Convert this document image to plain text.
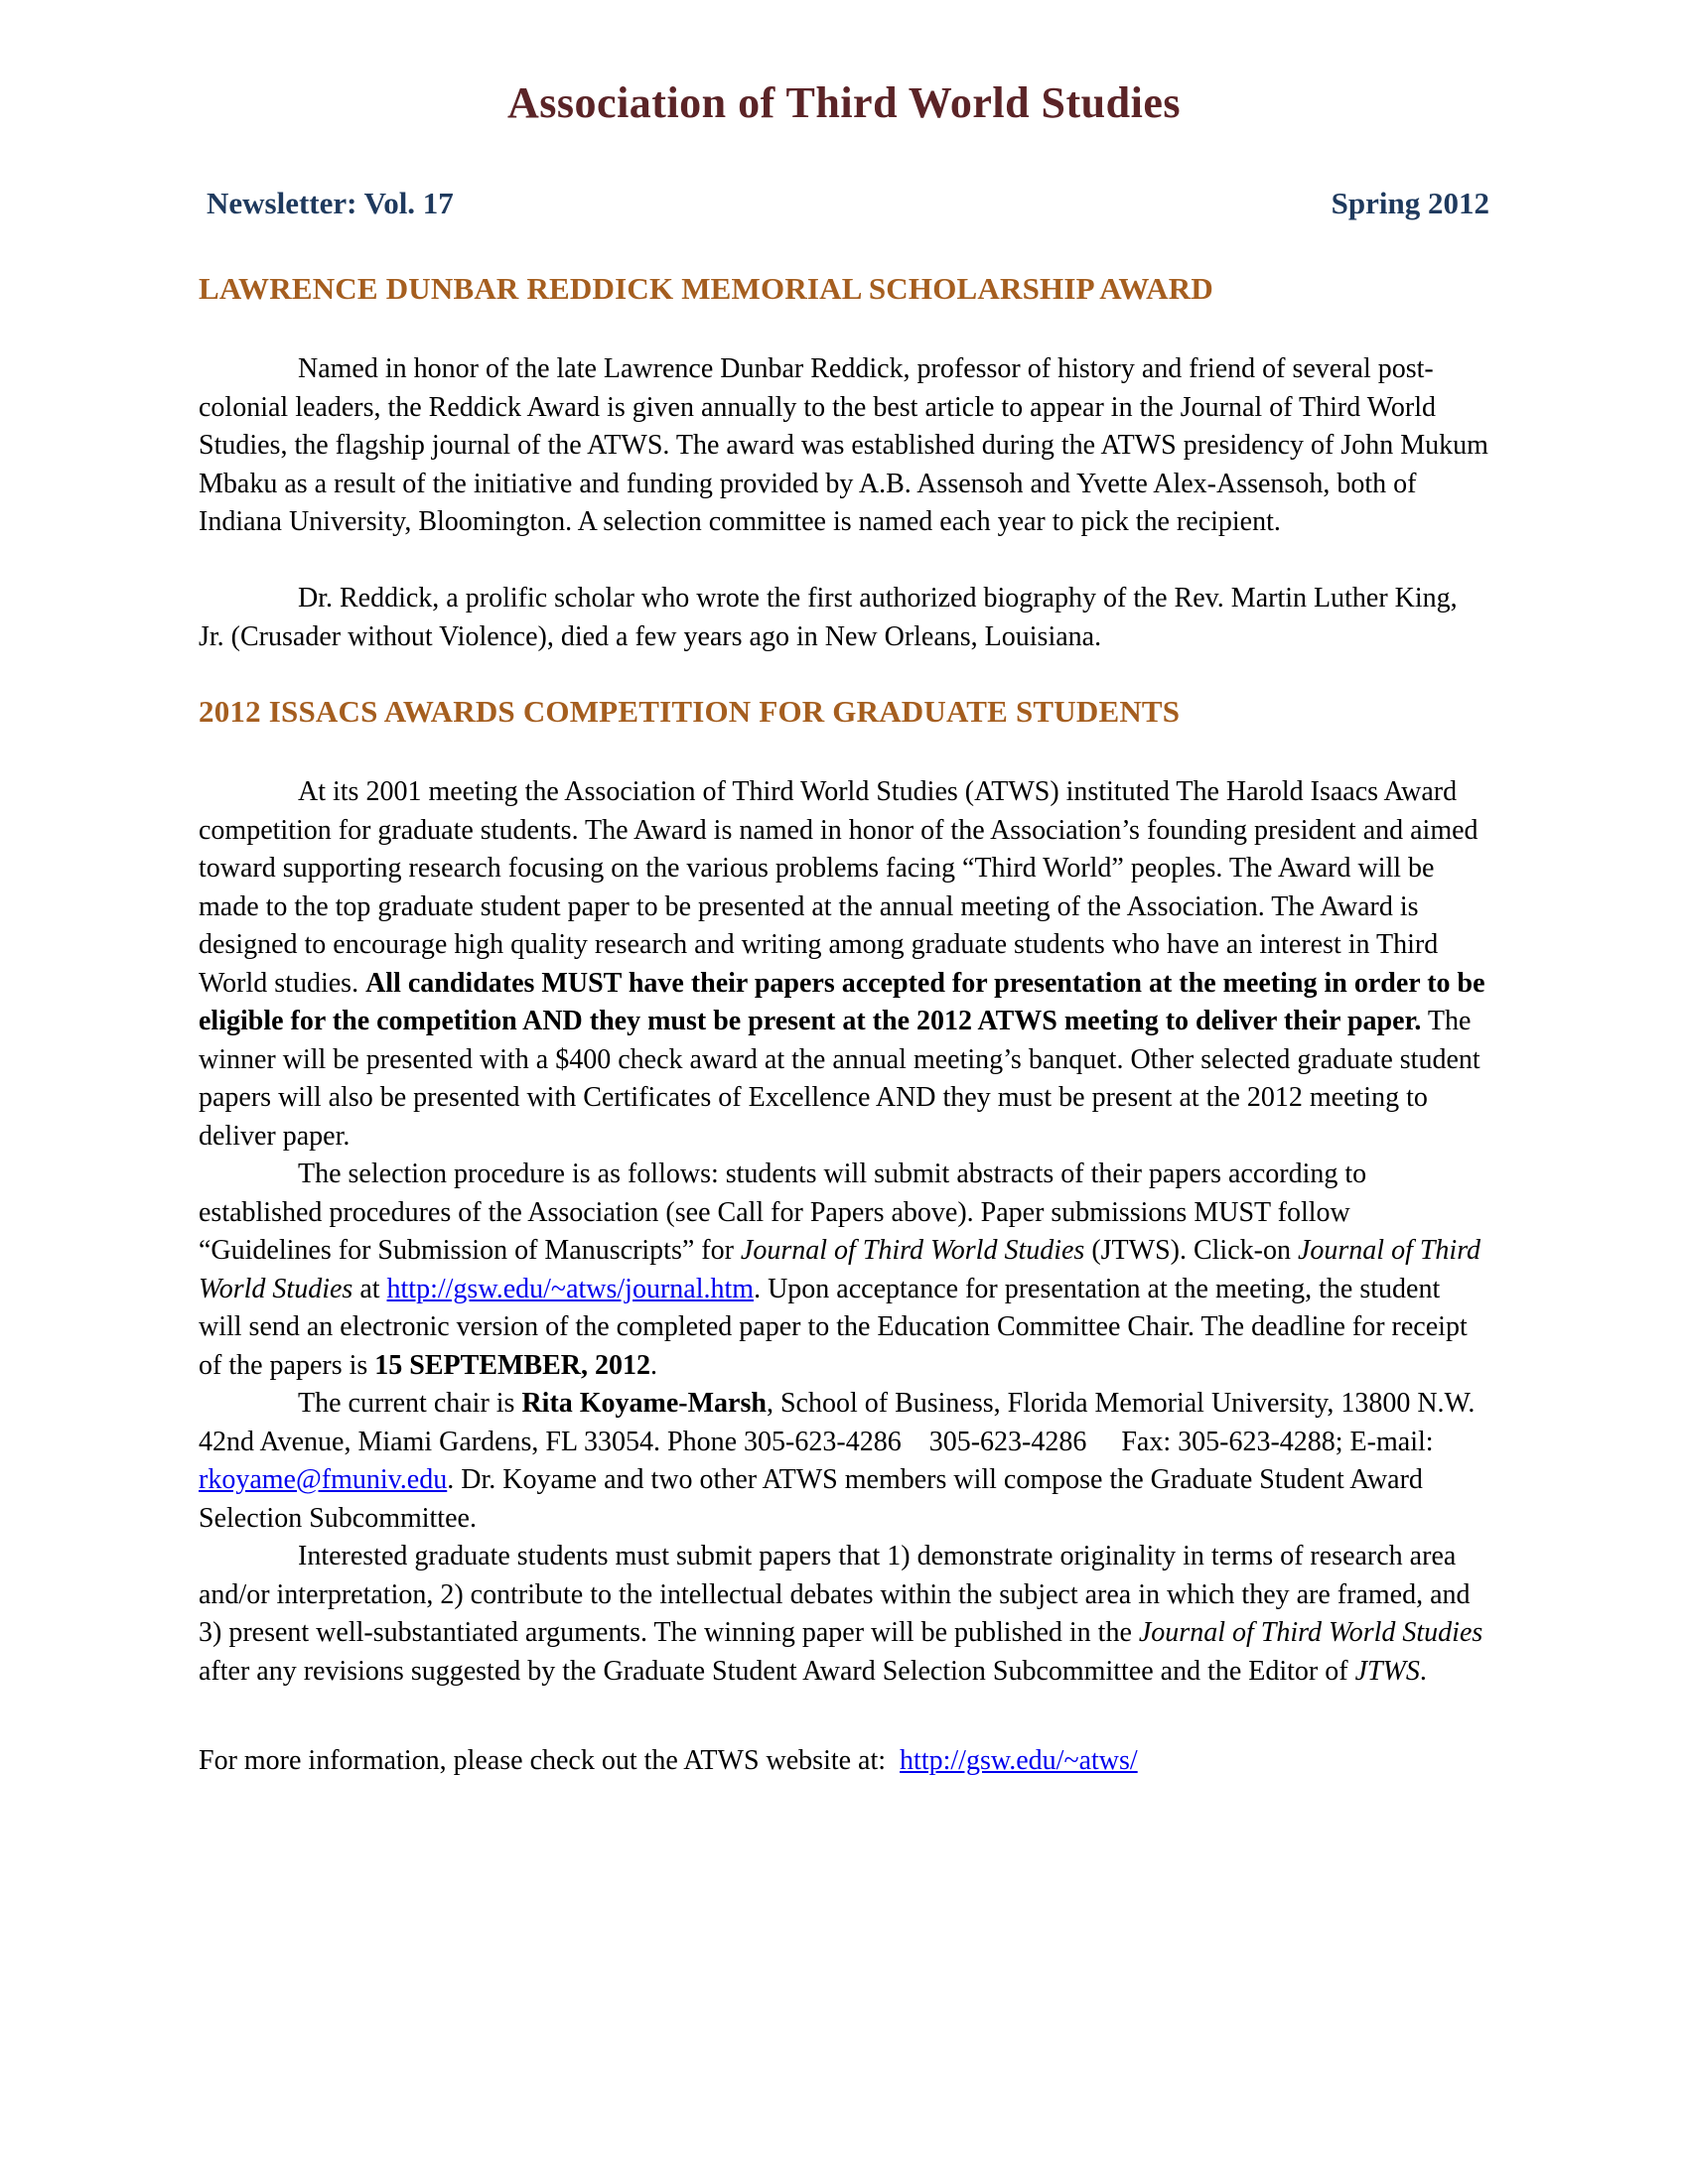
Association of Third World Studies
Newsletter: Vol. 17	Spring 2012
LAWRENCE DUNBAR REDDICK MEMORIAL SCHOLARSHIP AWARD

Named in honor of the late Lawrence Dunbar Reddick, professor of history and friend of several post-colonial leaders, the Reddick Award is given annually to the best article to appear in the Journal of Third World Studies, the flagship journal of the ATWS. The award was established during the ATWS presidency of John Mukum Mbaku as a result of the initiative and funding provided by A.B. Assensoh and Yvette Alex-Assensoh, both of Indiana University, Bloomington. A selection committee is named each year to pick the recipient.

Dr. Reddick, a prolific scholar who wrote the first authorized biography of the Rev. Martin Luther King, Jr. (Crusader without Violence), died a few years ago in New Orleans, Louisiana.

2012 ISSACS AWARDS COMPETITION FOR GRADUATE STUDENTS

At its 2001 meeting the Association of Third World Studies (ATWS) instituted The Harold Isaacs Award competition for graduate students. The Award is named in honor of the Association’s founding president and aimed toward supporting research focusing on the various problems facing “Third World” peoples. The Award will be made to the top graduate student paper to be presented at the annual meeting of the Association. The Award is designed to encourage high quality research and writing among graduate students who have an interest in Third World studies. All candidates MUST have their papers accepted for presentation at the meeting in order to be eligible for the competition AND they must be present at the 2012 ATWS meeting to deliver their paper. The winner will be presented with a $400 check award at the annual meeting’s banquet. Other selected graduate student papers will also be presented with Certificates of Excellence AND they must be present at the 2012 meeting to deliver paper.

The selection procedure is as follows: students will submit abstracts of their papers according to established procedures of the Association (see Call for Papers above). Paper submissions MUST follow “Guidelines for Submission of Manuscripts” for Journal of Third World Studies (JTWS). Click-on Journal of Third World Studies at http://gsw.edu/~atws/journal.htm. Upon acceptance for presentation at the meeting, the student will send an electronic version of the completed paper to the Education Committee Chair. The deadline for receipt of the papers is 15 SEPTEMBER, 2012.

The current chair is Rita Koyame-Marsh, School of Business, Florida Memorial University, 13800 N.W. 42nd Avenue, Miami Gardens, FL 33054. Phone 305-623-4286    305-623-4286     Fax: 305-623-4288; E-mail: rkoyame@fmuniv.edu. Dr. Koyame and two other ATWS members will compose the Graduate Student Award Selection Subcommittee.

Interested graduate students must submit papers that 1) demonstrate originality in terms of research area and/or interpretation, 2) contribute to the intellectual debates within the subject area in which they are framed, and 3) present well-substantiated arguments. The winning paper will be published in the Journal of Third World Studies after any revisions suggested by the Graduate Student Award Selection Subcommittee and the Editor of JTWS.

For more information, please check out the ATWS website at:  http://gsw.edu/~atws/
